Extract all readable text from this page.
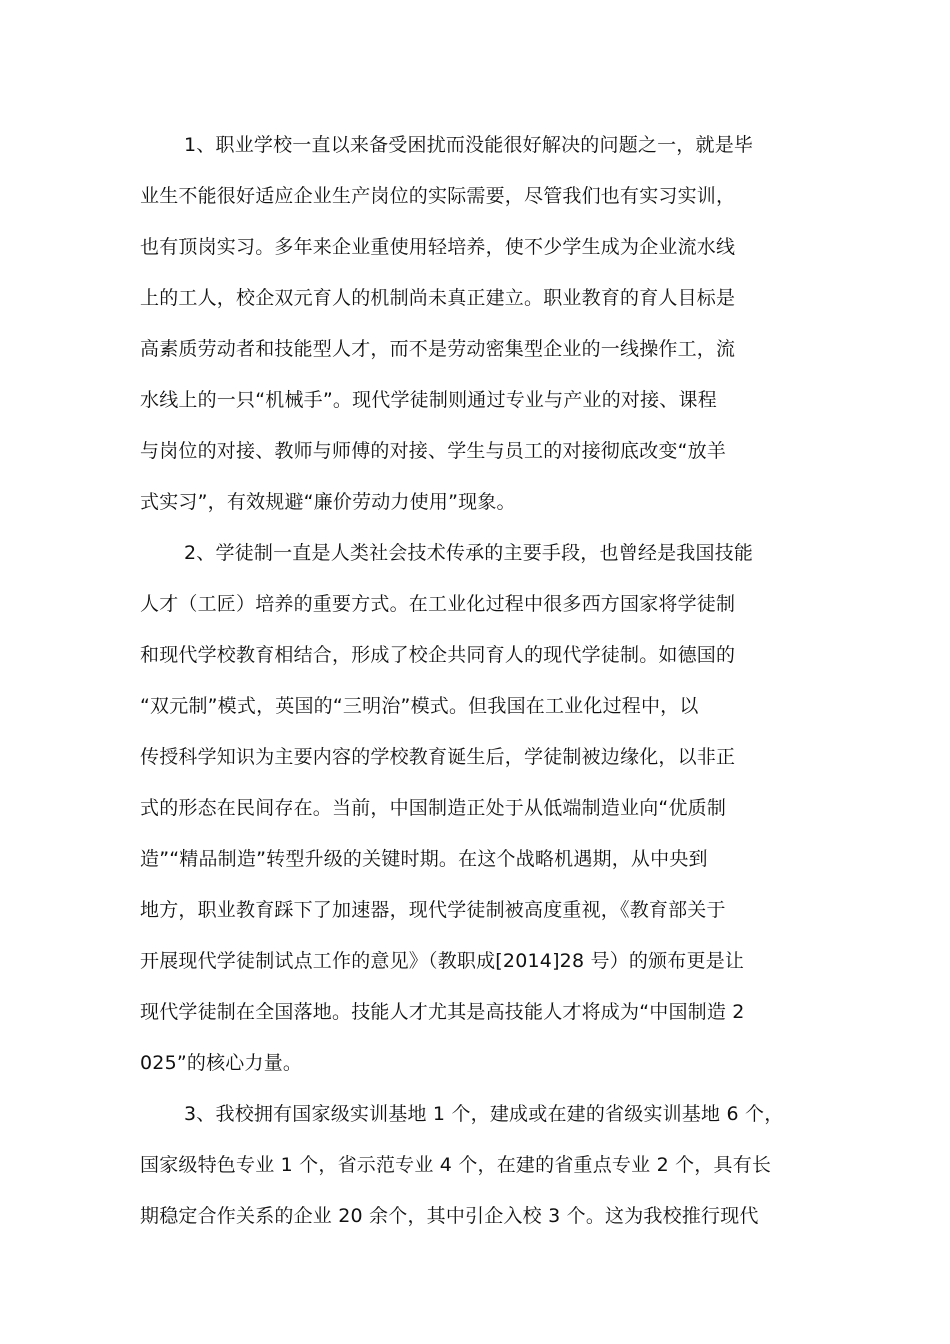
1、职业学校一直以来备受困扰而没能很好解决的问题之一，就是毕
业生不能很好适应企业生产岗位的实际需要，尽管我们也有实习实训，
也有顶岗实习。多年来企业重使用轻培养，使不少学生成为企业流水线
上的工人，校企双元育人的机制尚未真正建立。职业教育的育人目标是
高素质劳动者和技能型人才，而不是劳动密集型企业的一线操作工，流
水线上的一只“机械手”。现代学徒制则通过专业与产业的对接、课程
与岗位的对接、教师与师傅的对接、学生与员工的对接彻底改变“放羊
式实习”，有效规避“廉价劳动力使用”现象。
2、学徒制一直是人类社会技术传承的主要手段，也曾经是我国技能
人才（工匠）培养的重要方式。在工业化过程中很多西方国家将学徒制
和现代学校教育相结合，形成了校企共同育人的现代学徒制。如德国的
“双元制”模式，英国的“三明治”模式。但我国在工业化过程中，以
传授科学知识为主要内容的学校教育诞生后，学徒制被边缘化，以非正
式的形态在民间存在。当前，中国制造正处于从低端制造业向“优质制
造”“精品制造”转型升级的关键时期。在这个战略机遇期，从中央到
地方，职业教育踩下了加速器，现代学徒制被高度重视，《教育部关于
开展现代学徒制试点工作的意见》（教职成[2014]28 号）的颁布更是让
现代学徒制在全国落地。技能人才尤其是高技能人才将成为“中国制造 2
025”的核心力量。
3、我校拥有国家级实训基地 1 个，建成或在建的省级实训基地 6 个，
国家级特色专业 1 个，省示范专业 4 个，在建的省重点专业 2 个，具有长
期稳定合作关系的企业 20 余个，其中引企入校 3 个。这为我校推行现代
